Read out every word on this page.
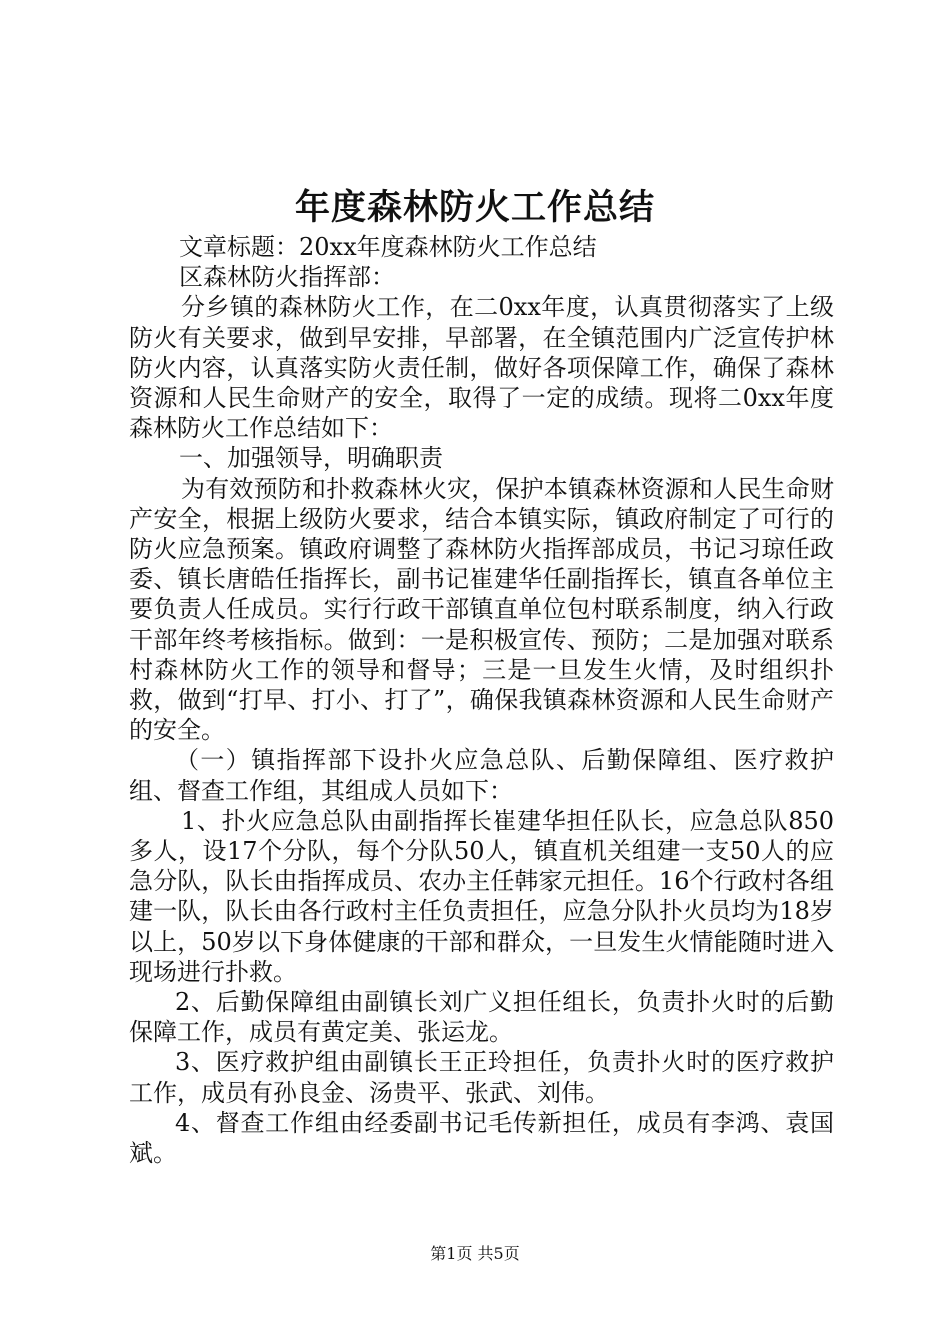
年度森林防火工作总结

文章标题：20xx年度森林防火工作总结

区森林防火指挥部：

分乡镇的森林防火工作，在二0xx年度，认真贯彻落实了上级防火有关要求，做到早安排，早部署，在全镇范围内广泛宣传护林防火内容，认真落实防火责任制，做好各项保障工作，确保了森林资源和人民生命财产的安全，取得了一定的成绩。现将二0xx年度森林防火工作总结如下：

一、加强领导，明确职责

为有效预防和扑救森林火灾，保护本镇森林资源和人民生命财产安全，根据上级防火要求，结合本镇实际，镇政府制定了可行的防火应急预案。镇政府调整了森林防火指挥部成员，书记习琼任政委、镇长唐皓任指挥长，副书记崔建华任副指挥长，镇直各单位主要负责人任成员。实行行政干部镇直单位包村联系制度，纳入行政干部年终考核指标。做到：一是积极宣传、预防；二是加强对联系村森林防火工作的领导和督导；三是一旦发生火情，及时组织扑救，做到“打早、打小、打了”，确保我镇森林资源和人民生命财产的安全。

（一）镇指挥部下设扑火应急总队、后勤保障组、医疗救护组、督查工作组，其组成人员如下：

1、扑火应急总队由副指挥长崔建华担任队长，应急总队850多人，设17个分队，每个分队50人，镇直机关组建一支50人的应急分队，队长由指挥成员、农办主任韩家元担任。16个行政村各组建一队，队长由各行政村主任负责担任，应急分队扑火员均为18岁以上，50岁以下身体健康的干部和群众，一旦发生火情能随时进入现场进行扑救。

2、后勤保障组由副镇长刘广义担任组长，负责扑火时的后勤保障工作，成员有黄定美、张运龙。

3、医疗救护组由副镇长王正玲担任，负责扑火时的医疗救护工作，成员有孙良金、汤贵平、张武、刘伟。

4、督查工作组由经委副书记毛传新担任，成员有李鸿、袁国斌。

第1页 共5页
